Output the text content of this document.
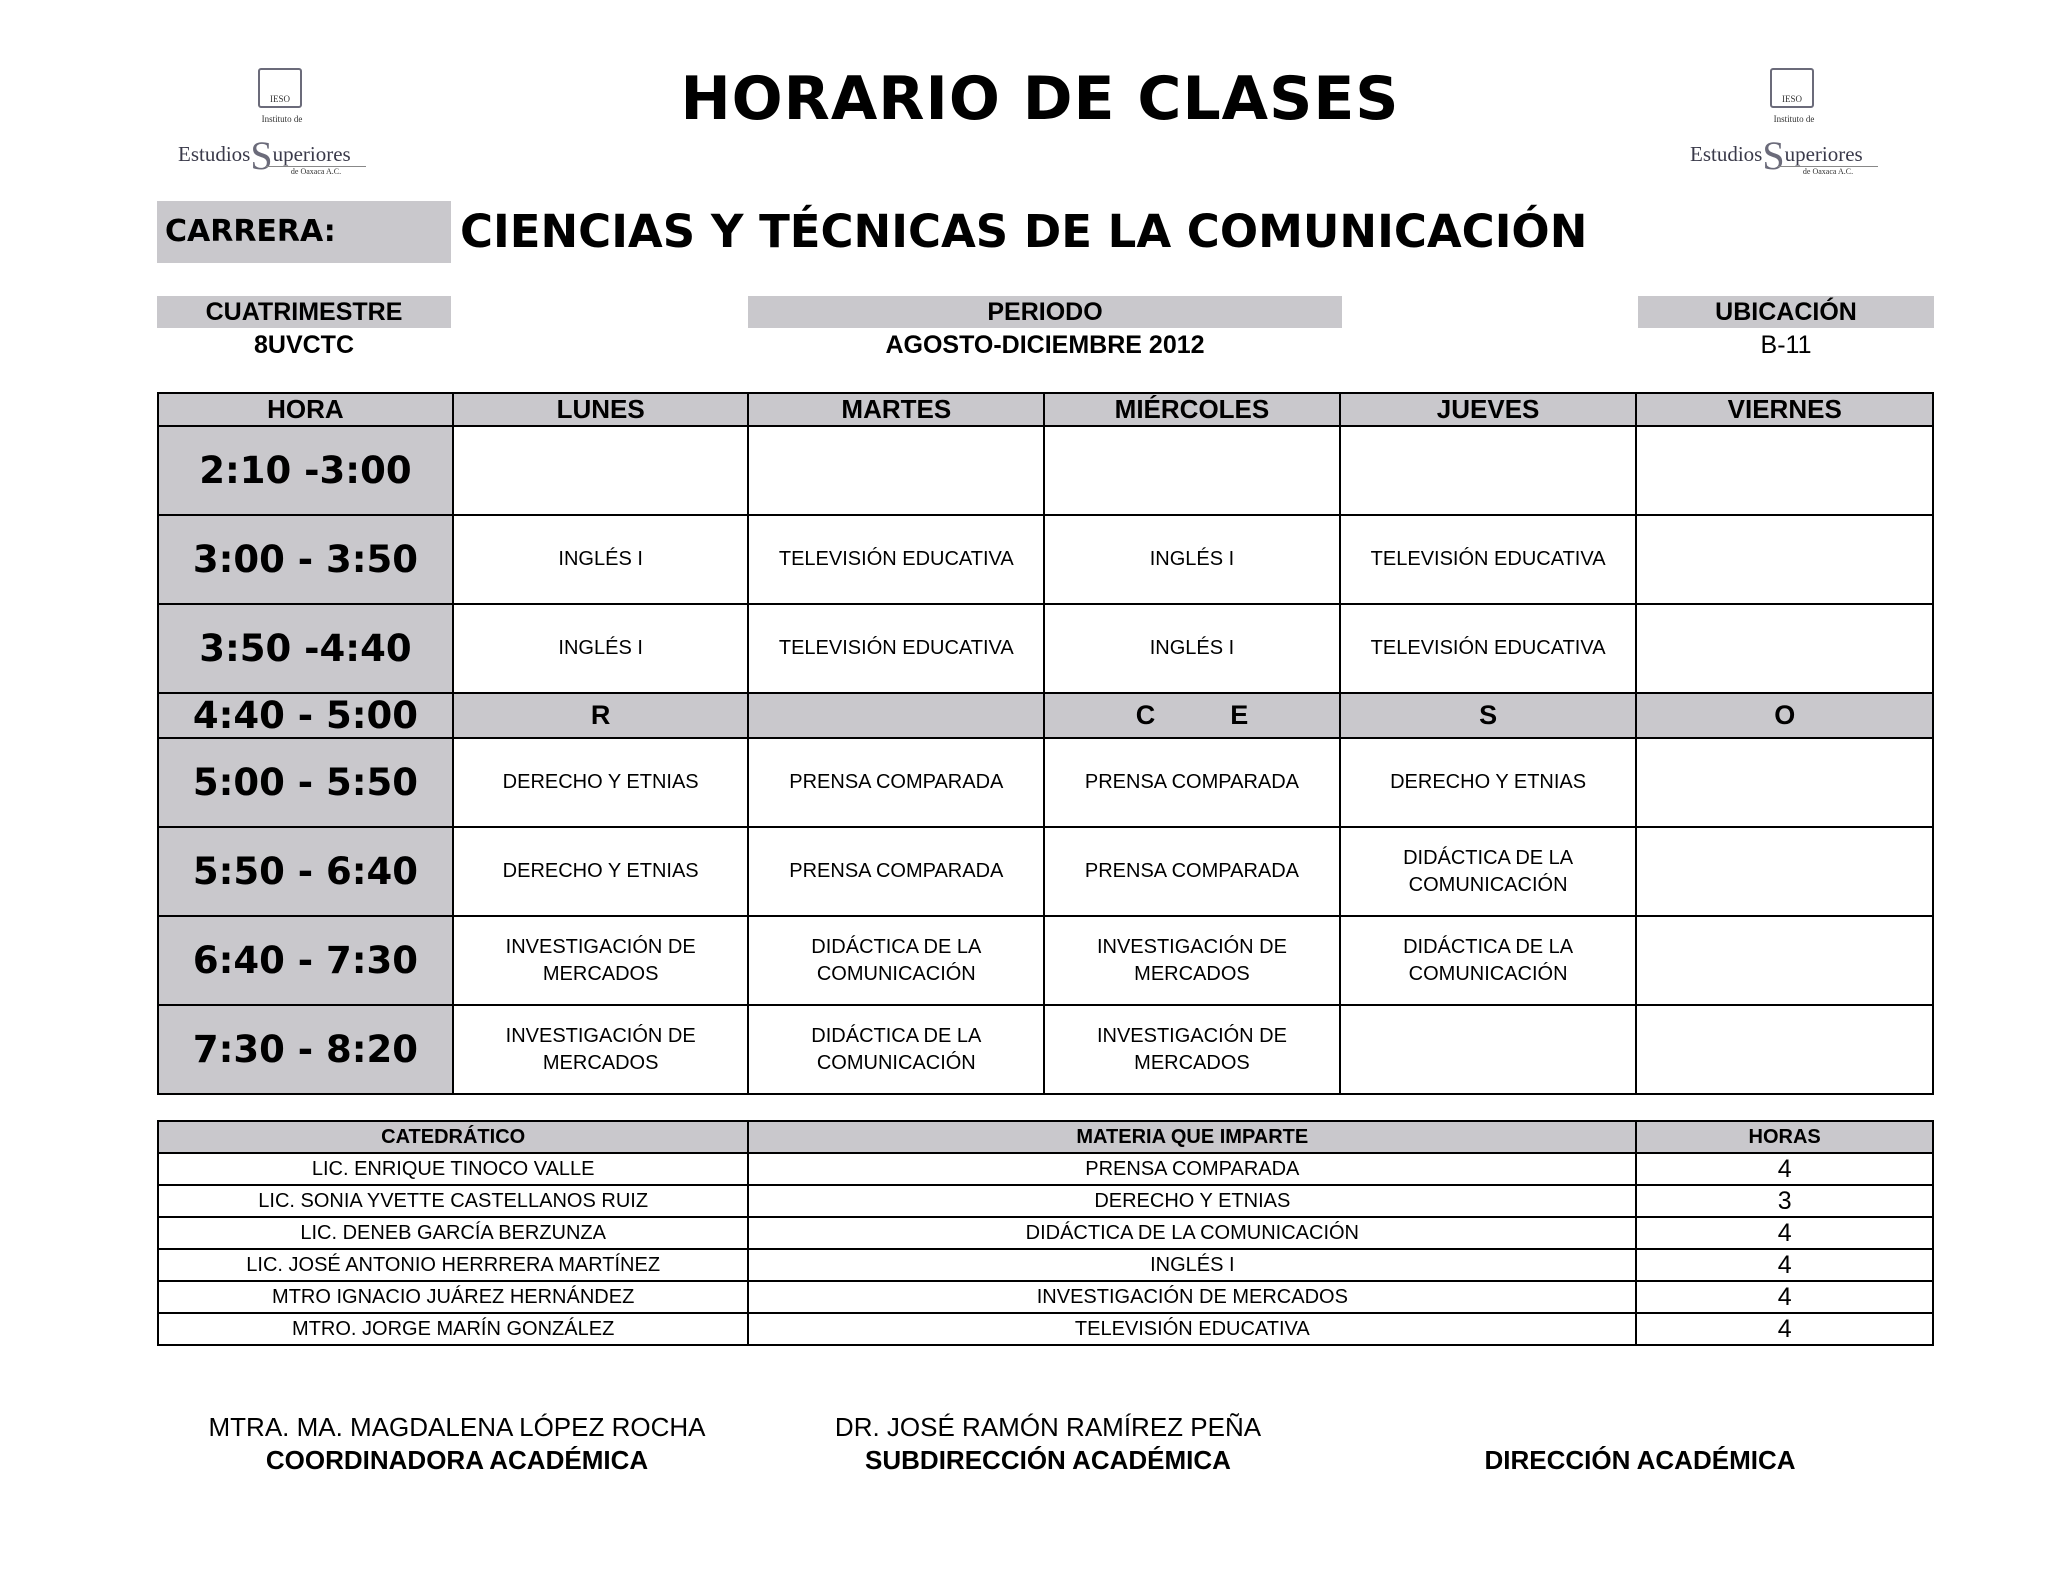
IESO
Instituto de
EstudiosSuperiores
de Oaxaca A.C.
IESO
Instituto de
EstudiosSuperiores
de Oaxaca A.C.
HORARIO DE CLASES
CARRERA:	CIENCIAS Y TÉCNICAS DE LA COMUNICACIÓN
CUATRIMESTRE
8UVCTC
PERIODO
AGOSTO-DICIEMBRE 2012
UBICACIÓN
B-11
HORA	LUNES	MARTES	MIÉRCOLES	JUEVES	VIERNES
2:10 -3:00					
3:00 - 3:50	INGLÉS I	TELEVISIÓN EDUCATIVA	INGLÉS I	TELEVISIÓN EDUCATIVA	
3:50 -4:40	INGLÉS I	TELEVISIÓN EDUCATIVA	INGLÉS I	TELEVISIÓN EDUCATIVA	
4:40 - 5:00	R		C          E	S	O
5:00 - 5:50	DERECHO Y ETNIAS	PRENSA COMPARADA	PRENSA COMPARADA	DERECHO Y ETNIAS	
5:50 - 6:40	DERECHO Y ETNIAS	PRENSA COMPARADA	PRENSA COMPARADA	DIDÁCTICA DE LA COMUNICACIÓN	
6:40 - 7:30	INVESTIGACIÓN DE MERCADOS	DIDÁCTICA DE LA COMUNICACIÓN	INVESTIGACIÓN DE MERCADOS	DIDÁCTICA DE LA COMUNICACIÓN	
7:30 - 8:20	INVESTIGACIÓN DE MERCADOS	DIDÁCTICA DE LA COMUNICACIÓN	INVESTIGACIÓN DE MERCADOS		
CATEDRÁTICO	MATERIA QUE IMPARTE	HORAS
LIC. ENRIQUE TINOCO VALLE	PRENSA COMPARADA	4
LIC. SONIA YVETTE CASTELLANOS RUIZ	DERECHO Y ETNIAS	3
LIC. DENEB GARCÍA BERZUNZA	DIDÁCTICA DE LA COMUNICACIÓN	4
LIC. JOSÉ ANTONIO HERRRERA MARTÍNEZ	INGLÉS I	4
MTRO IGNACIO JUÁREZ HERNÁNDEZ	INVESTIGACIÓN DE MERCADOS	4
MTRO. JORGE MARÍN GONZÁLEZ	TELEVISIÓN EDUCATIVA	4
MTRA. MA. MAGDALENA LÓPEZ ROCHA
COORDINADORA ACADÉMICA
DR. JOSÉ RAMÓN RAMÍREZ PEÑA
SUBDIRECCIÓN ACADÉMICA	DIRECCIÓN ACADÉMICA
